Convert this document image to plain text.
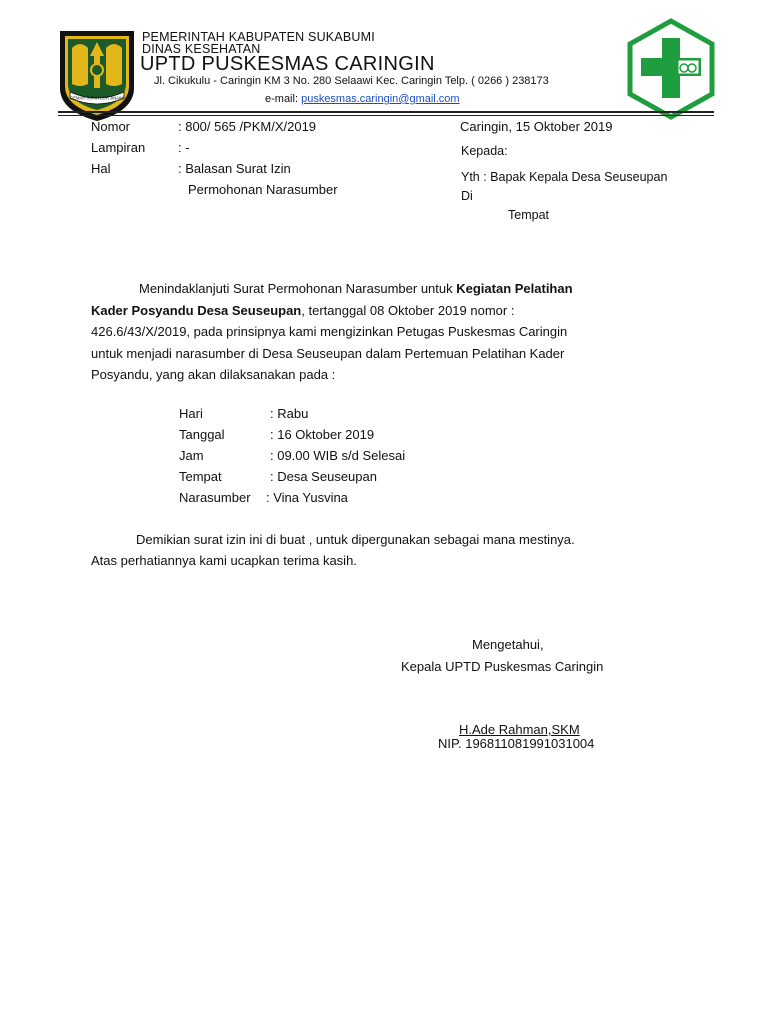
GEMAH RIPAH LOH JINAWI
PEMERINTAH KABUPATEN SUKABUMI
DINAS KESEHATAN
UPTD PUSKESMAS CARINGIN
Jl. Cikukulu - Caringin KM 3 No. 280 Selaawi Kec. Caringin Telp. ( 0266 ) 238173
e-mail: puskesmas.caringin@gmail.com
Nomor	: 800/ 565 /PKM/X/2019
Lampiran	: -
Hal	: Balasan Surat Izin
Permohonan Narasumber
Caringin, 15 Oktober 2019
Kepada:
Yth : Bapak Kepala Desa Seuseupan
Di
Tempat
Menindaklanjuti Surat Permohonan Narasumber untuk Kegiatan Pelatihan
Kader Posyandu Desa Seuseupan, tertanggal 08 Oktober 2019 nomor :
426.6/43/X/2019, pada prinsipnya kami mengizinkan Petugas Puskesmas Caringin
untuk menjadi narasumber di Desa Seuseupan dalam Pertemuan Pelatihan Kader
Posyandu, yang akan dilaksanakan pada :
Hari	: Rabu
Tanggal	: 16 Oktober 2019
Jam	: 09.00 WIB s/d Selesai
Tempat	: Desa Seuseupan
Narasumber : Vina Yusvina
Demikian surat izin ini di buat , untuk dipergunakan sebagai mana mestinya.
Atas perhatiannya kami ucapkan terima kasih.
Mengetahui,
Kepala UPTD Puskesmas Caringin
H.Ade Rahman,SKM
NIP. 196811081991031004
